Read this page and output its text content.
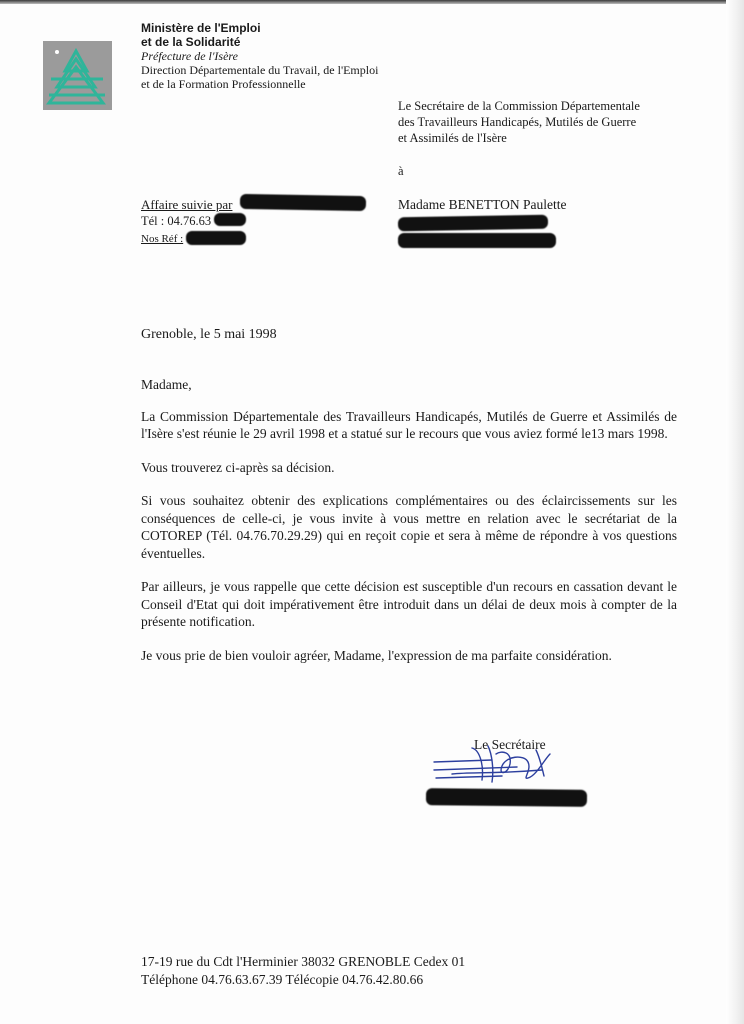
Ministère de l'Emploi
et de la Solidarité
Préfecture de l'Isère
Direction Départementale du Travail, de l'Emploi
et de la Formation Professionnelle
Le Secrétaire de la Commission Départementale
des Travailleurs Handicapés, Mutilés de Guerre
et Assimilés de l'Isère
à
Affaire suivie par
Tél : 04.76.63
Nos Réf :
Madame BENETTON Paulette
Grenoble, le 5 mai 1998

Madame,

La Commission Départementale des Travailleurs Handicapés, Mutilés de Guerre et Assimilés de l'Isère s'est réunie le 29 avril 1998 et a statué sur le recours que vous aviez formé le13 mars 1998.

Vous trouverez ci-après sa décision.

Si vous souhaitez obtenir des explications complémentaires ou des éclaircissements sur les conséquences de celle-ci, je vous invite à vous mettre en relation avec le secrétariat de la COTOREP (Tél. 04.76.70.29.29) qui en reçoit copie et sera à même de répondre à vos questions éventuelles.

Par ailleurs, je vous rappelle que cette décision est susceptible d'un recours en cassation devant le Conseil d'Etat qui doit impérativement être introduit dans un délai de deux mois à compter de la présente notification.

Je vous prie de bien vouloir agréer, Madame, l'expression de ma parfaite considération.

Le Secrétaire
17-19 rue du Cdt l'Herminier 38032 GRENOBLE Cedex 01
Téléphone 04.76.63.67.39 Télécopie 04.76.42.80.66
